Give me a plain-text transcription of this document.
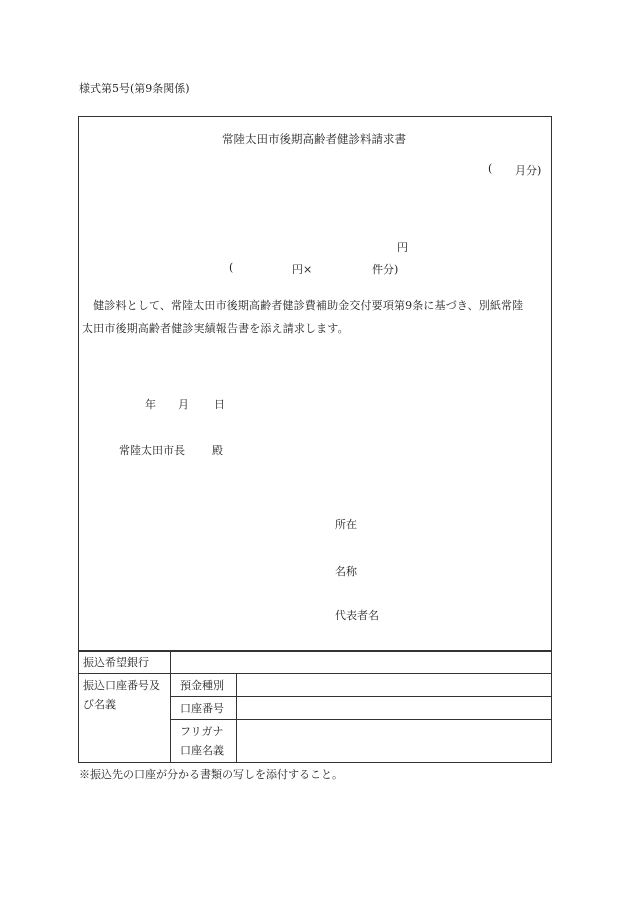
様式第5号(第9条関係)
常陸太田市後期高齢者健診料請求書
( 月分)
円
(	円×	件分)
　健診料として、常陸太田市後期高齢者健診費補助金交付要項第9条に基づき、別紙常陸
太田市後期高齢者健診実績報告書を添え請求します。
年 月 日
常陸太田市長 殿
所在
名称
代表者名
振込希望銀行		

振込口座番号及
び名義	預金種別	
	口座番号	

	フリガナ
口座名義	

※振込先の口座が分かる書類の写しを添付すること。
